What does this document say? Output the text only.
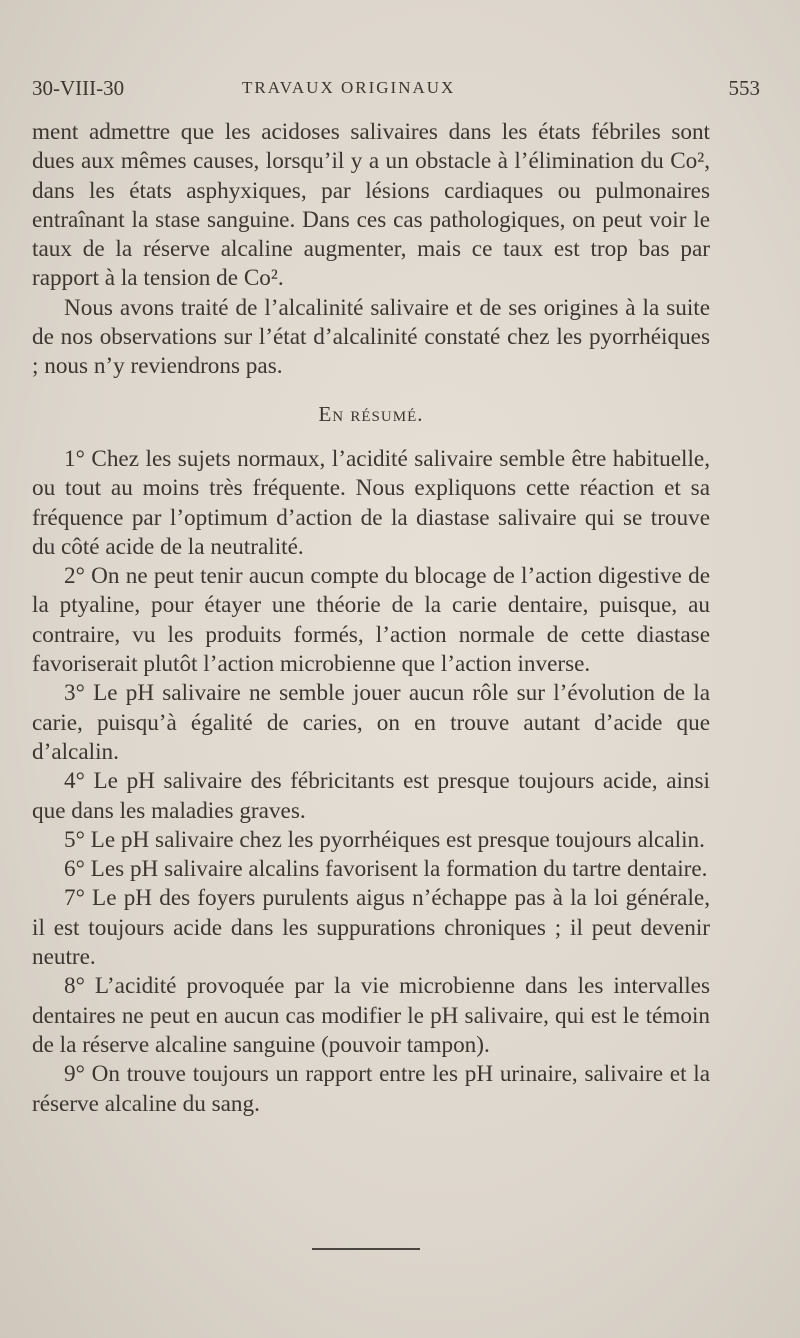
30-VIII-30	TRAVAUX ORIGINAUX	553

ment admettre que les acidoses salivaires dans les états fébriles sont dues aux mêmes causes, lorsqu’il y a un obstacle à l’élimination du Co², dans les états asphyxiques, par lésions cardiaques ou pulmonaires entraînant la stase sanguine. Dans ces cas pathologiques, on peut voir le taux de la réserve alcaline augmenter, mais ce taux est trop bas par rapport à la tension de Co².

Nous avons traité de l’alcalinité salivaire et de ses origines à la suite de nos observations sur l’état d’alcalinité constaté chez les pyorrhéiques ; nous n’y reviendrons pas.

En résumé.

1° Chez les sujets normaux, l’acidité salivaire semble être habituelle, ou tout au moins très fréquente. Nous expliquons cette réaction et sa fréquence par l’optimum d’action de la diastase salivaire qui se trouve du côté acide de la neutralité.

2° On ne peut tenir aucun compte du blocage de l’action digestive de la ptyaline, pour étayer une théorie de la carie dentaire, puisque, au contraire, vu les produits formés, l’action normale de cette diastase favoriserait plutôt l’action microbienne que l’action inverse.

3° Le pH salivaire ne semble jouer aucun rôle sur l’évolution de la carie, puisqu’à égalité de caries, on en trouve autant d’acide que d’alcalin.

4° Le pH salivaire des fébricitants est presque toujours acide, ainsi que dans les maladies graves.

5° Le pH salivaire chez les pyorrhéiques est presque toujours alcalin.

6° Les pH salivaire alcalins favorisent la formation du tartre dentaire.

7° Le pH des foyers purulents aigus n’échappe pas à la loi générale, il est toujours acide dans les suppurations chroniques ; il peut devenir neutre.

8° L’acidité provoquée par la vie microbienne dans les intervalles dentaires ne peut en aucun cas modifier le pH salivaire, qui est le témoin de la réserve alcaline sanguine (pouvoir tampon).

9° On trouve toujours un rapport entre les pH urinaire, salivaire et la réserve alcaline du sang.
